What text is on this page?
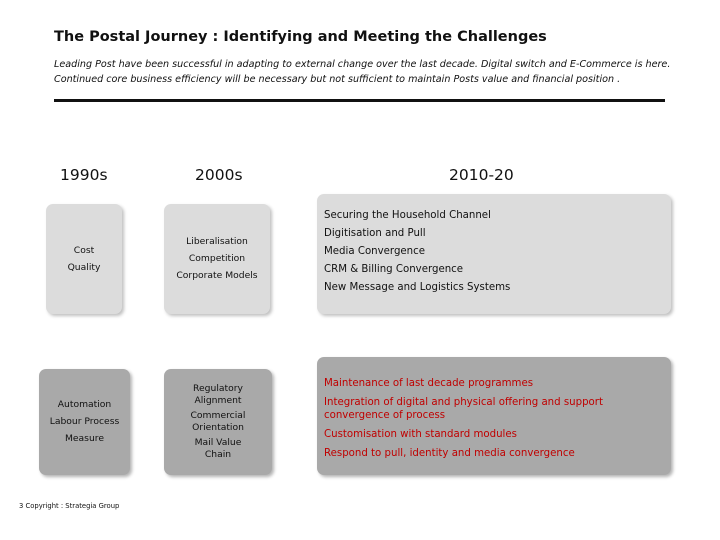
The Postal Journey : Identifying and Meeting the Challenges
Leading Post have been successful in adapting to external change over the last decade. Digital switch and E-Commerce is here. Continued core business efficiency will be necessary but not sufficient to maintain Posts value and financial position .
1990s	2000s	2010-20
Cost
Quality
Liberalisation
Competition
Corporate Models
Securing the Household Channel
Digitisation and Pull
Media Convergence
CRM & Billing Convergence
New Message and Logistics Systems
Automation
Labour Process
Measure
Regulatory Alignment
Commercial Orientation
Mail Value Chain
Maintenance of last decade programmes
Integration of digital and physical offering and support convergence of process
Customisation with standard modules
Respond to pull, identity and media convergence
3 Copyright : Strategia Group
